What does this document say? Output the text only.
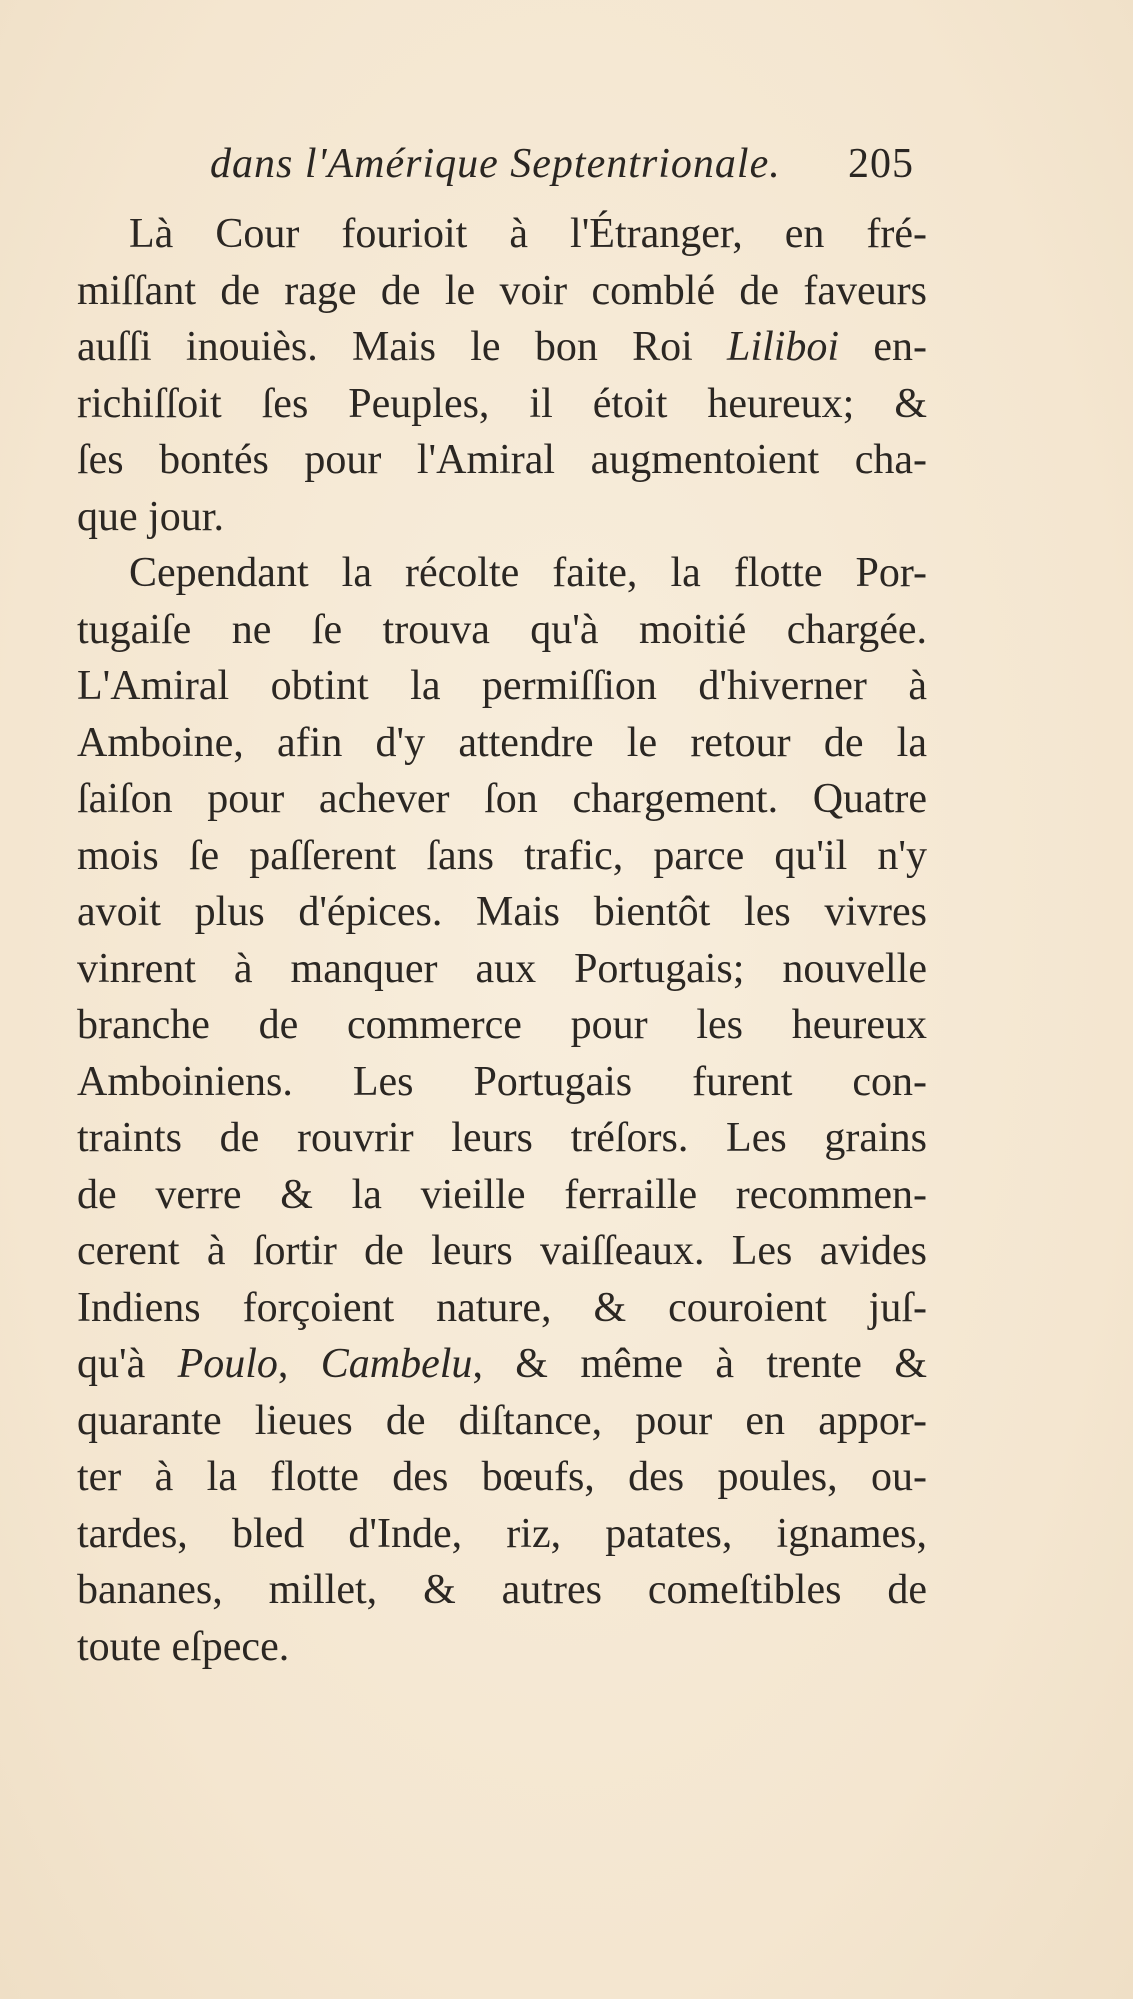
dans l'Amérique Septentrionale. 205
Là Cour fourioit à l'Étranger, en fré-
miſſant de rage de le voir comblé de faveurs
auſſi inouiès. Mais le bon Roi Liliboi en-
richiſſoit ſes Peuples, il étoit heureux; &
ſes bontés pour l'Amiral augmentoient cha-
que jour.
Cependant la récolte faite, la flotte Por-
tugaiſe ne ſe trouva qu'à moitié chargée.
L'Amiral obtint la permiſſion d'hiverner à
Amboine, afin d'y attendre le retour de la
ſaiſon pour achever ſon chargement. Quatre
mois ſe paſſerent ſans trafic, parce qu'il n'y
avoit plus d'épices. Mais bientôt les vivres
vinrent à manquer aux Portugais; nouvelle
branche de commerce pour les heureux
Amboiniens. Les Portugais furent con-
traints de rouvrir leurs tréſors. Les grains
de verre & la vieille ferraille recommen-
cerent à ſortir de leurs vaiſſeaux. Les avides
Indiens forçoient nature, & couroient juſ-
qu'à Poulo, Cambelu, & même à trente &
quarante lieues de diſtance, pour en appor-
ter à la flotte des bœufs, des poules, ou-
tardes, bled d'Inde, riz, patates, ignames,
bananes, millet, & autres comeſtibles de
toute eſpece.
